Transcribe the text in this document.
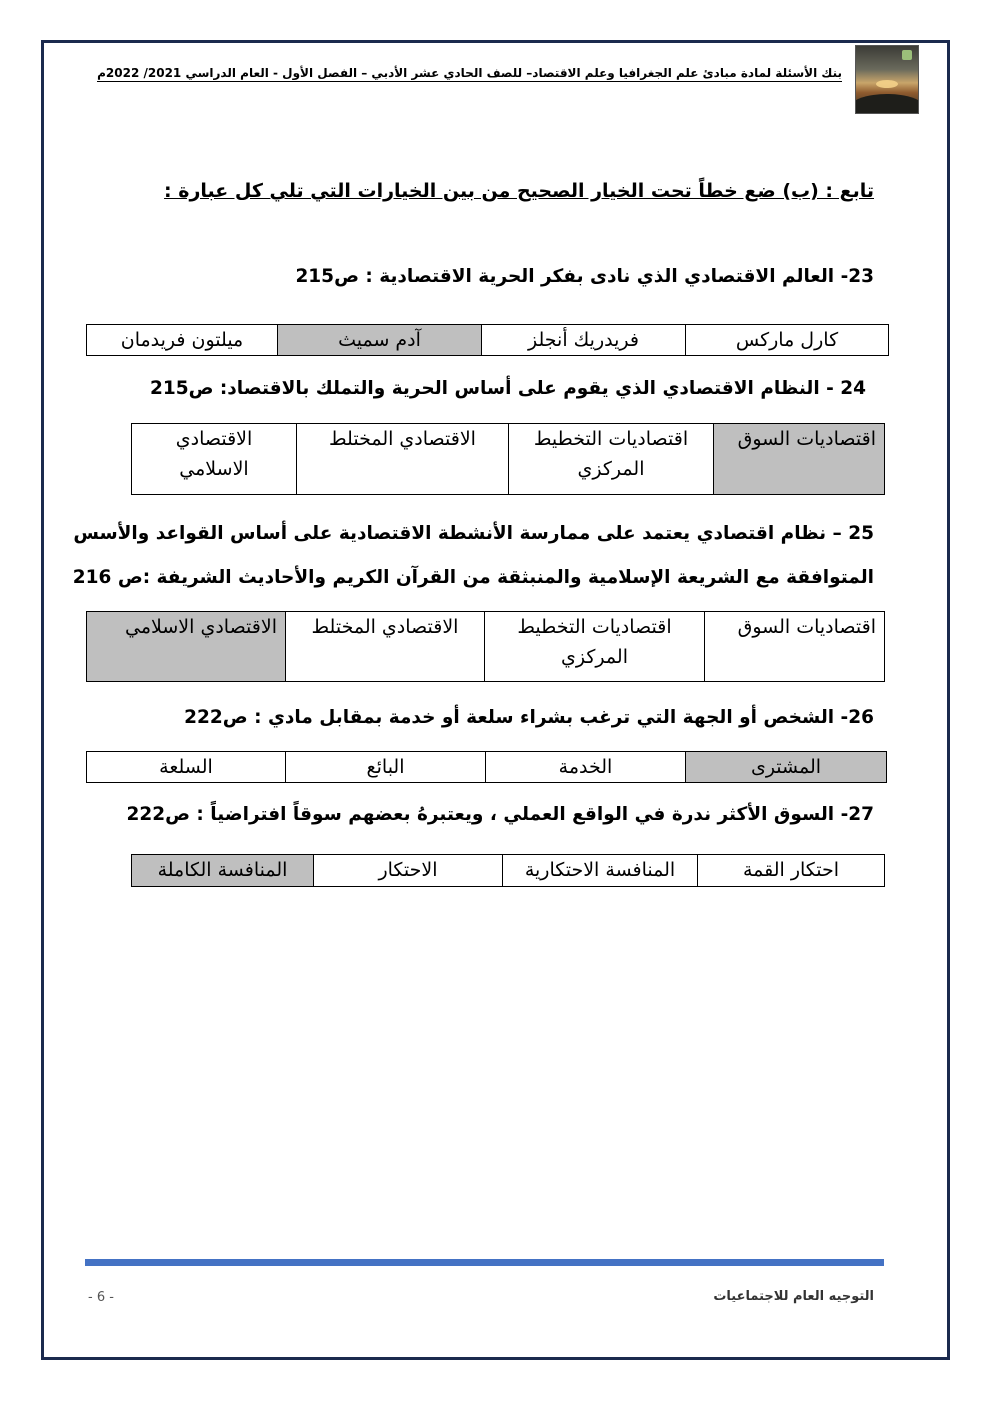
بنك الأسئلة لمادة مبادئ علم الجغرافيا وعلم الاقتصاد– للصف الحادي عشر الأدبي – الفصل الأول - العام الدراسي 2021/ 2022م
تابع : (ب) ضع خطاً تحت الخيار الصحيح من بين الخيارات التي تلي كل عبارة :
23- العالم الاقتصادي الذي نادى بفكر الحرية الاقتصادية : ص215
كارل ماركس	فريدريك أنجلز	آدم سميث	ميلتون فريدمان
24 - النظام الاقتصادي الذي يقوم على أساس الحرية والتملك بالاقتصاد: ص215
اقتصاديات السوق	اقتصاديات التخطيط المركزي	الاقتصادي المختلط	الاقتصادي الاسلامي
25 – نظام اقتصادي يعتمد على ممارسة الأنشطة الاقتصادية على أساس القواعد والأسس
المتوافقة مع الشريعة الإسلامية والمنبثقة من القرآن الكريم والأحاديث الشريفة :ص 216
اقتصاديات السوق	اقتصاديات التخطيط المركزي	الاقتصادي المختلط	الاقتصادي الاسلامي
26- الشخص أو الجهة التي ترغب بشراء سلعة أو خدمة بمقابل مادي : ص222
المشترى	الخدمة	البائع	السلعة
27- السوق الأكثر ندرة في الواقع العملي ، ويعتبرهُ بعضهم سوقاً افتراضياً : ص222
احتكار القمة	المنافسة الاحتكارية	الاحتكار	المنافسة الكاملة
التوجيه العام للاجتماعيات
- 6 -
